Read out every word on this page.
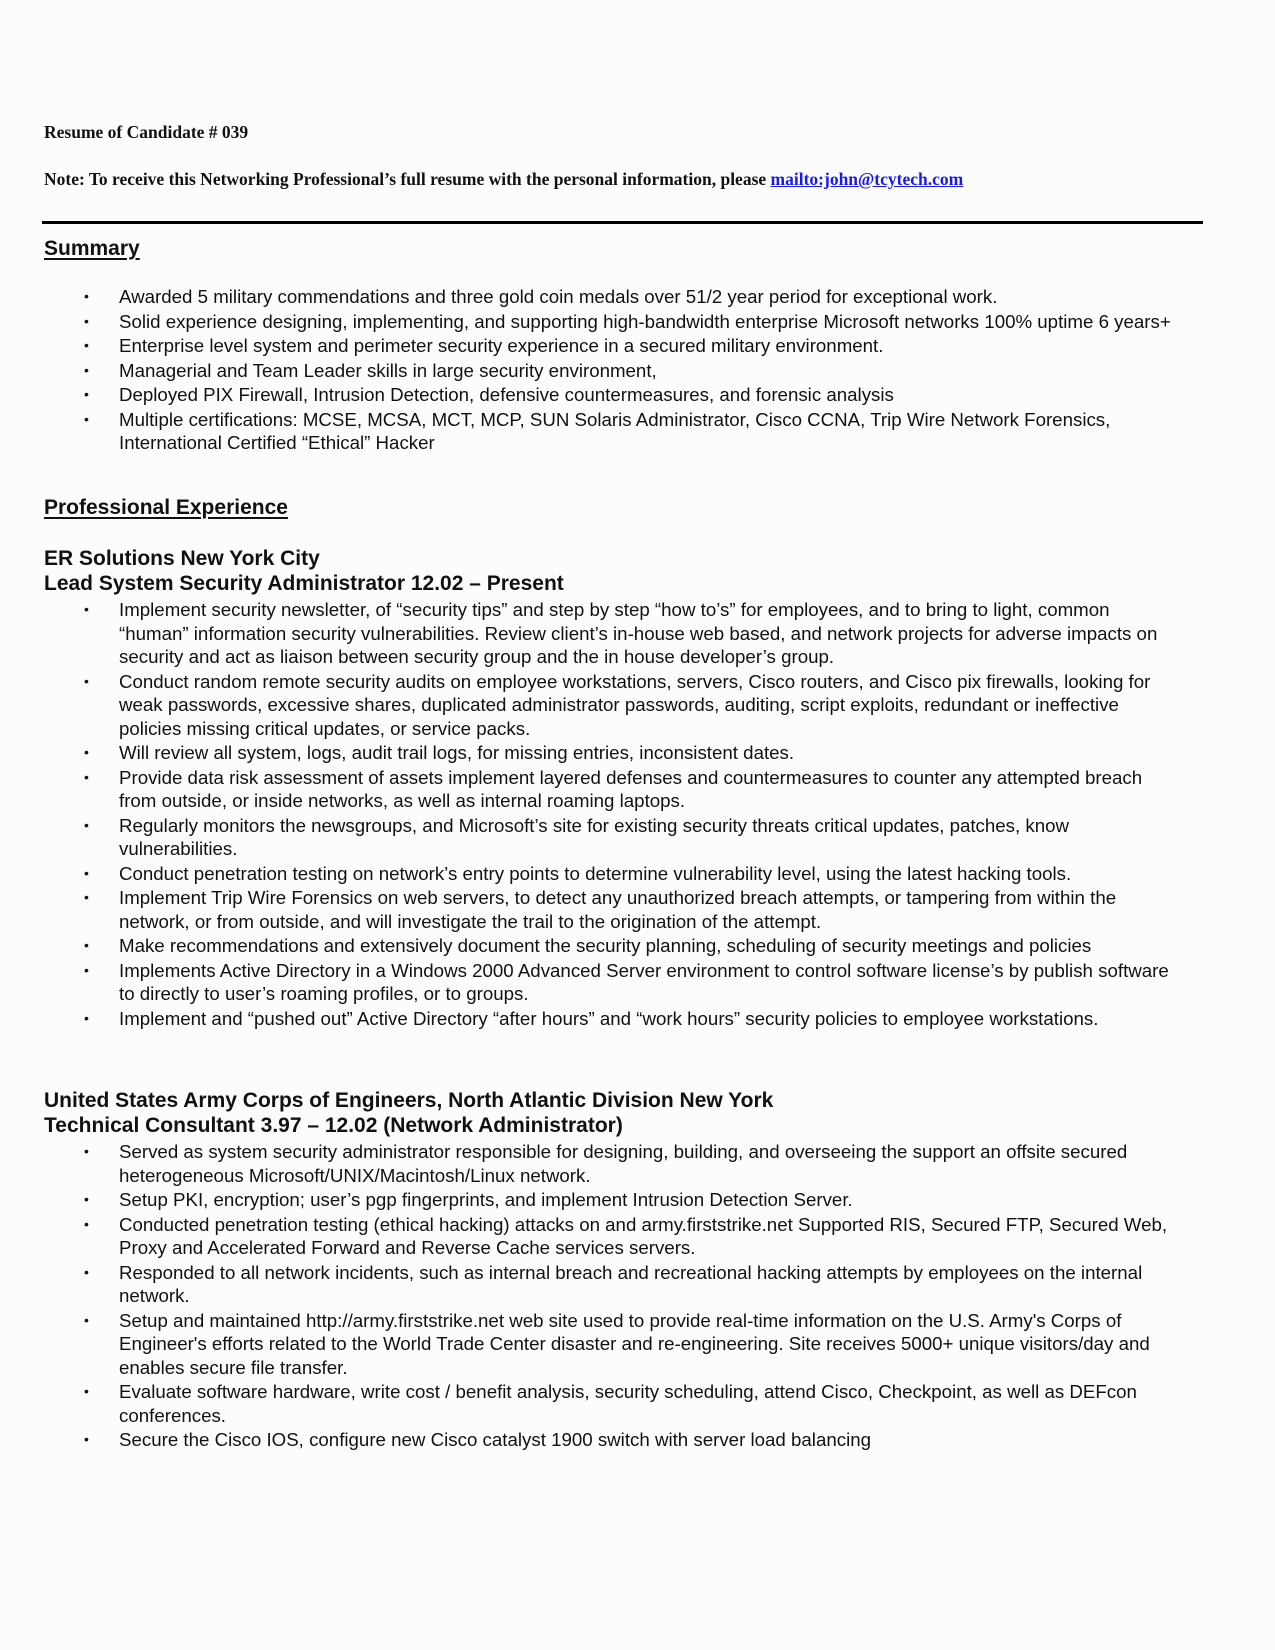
Resume of Candidate # 039
Note: To receive this Networking Professional’s full resume with the personal information, please mailto:john@tcytech.com
Summary
• Awarded 5 military commendations and three gold coin medals over 51/2 year period for exceptional work.
• Solid experience designing, implementing, and supporting high-bandwidth enterprise Microsoft networks 100% uptime 6 years+
• Enterprise level system and perimeter security experience in a secured military environment.
• Managerial and Team Leader skills in large security environment,
• Deployed PIX Firewall, Intrusion Detection, defensive countermeasures, and forensic analysis
• Multiple certifications: MCSE, MCSA, MCT, MCP, SUN Solaris Administrator, Cisco CCNA, Trip Wire Network Forensics, International Certified “Ethical” Hacker
Professional Experience
ER Solutions New York City
Lead System Security Administrator 12.02 – Present
• Implement security newsletter, of “security tips” and step by step “how to’s” for employees, and to bring to light, common “human” information security vulnerabilities. Review client’s in-house web based, and network projects for adverse impacts on security and act as liaison between security group and the in house developer’s group.
• Conduct random remote security audits on employee workstations, servers, Cisco routers, and Cisco pix firewalls, looking for weak passwords, excessive shares, duplicated administrator passwords, auditing, script exploits, redundant or ineffective policies missing critical updates, or service packs.
• Will review all system, logs, audit trail logs, for missing entries, inconsistent dates.
• Provide data risk assessment of assets implement layered defenses and countermeasures to counter any attempted breach from outside, or inside networks, as well as internal roaming laptops.
• Regularly monitors the newsgroups, and Microsoft’s site for existing security threats critical updates, patches, know vulnerabilities.
• Conduct penetration testing on network’s entry points to determine vulnerability level, using the latest hacking tools.
• Implement Trip Wire Forensics on web servers, to detect any unauthorized breach attempts, or tampering from within the network, or from outside, and will investigate the trail to the origination of the attempt.
• Make recommendations and extensively document the security planning, scheduling of security meetings and policies
• Implements Active Directory in a Windows 2000 Advanced Server environment to control software license’s by publish software to directly to user’s roaming profiles, or to groups.
• Implement and “pushed out” Active Directory “after hours” and “work hours” security policies to employee workstations.
United States Army Corps of Engineers, North Atlantic Division New York
Technical Consultant 3.97 – 12.02 (Network Administrator)
• Served as system security administrator responsible for designing, building, and overseeing the support an offsite secured heterogeneous Microsoft/UNIX/Macintosh/Linux network.
• Setup PKI, encryption; user’s pgp fingerprints, and implement Intrusion Detection Server.
• Conducted penetration testing (ethical hacking) attacks on and army.firststrike.net Supported RIS, Secured FTP, Secured Web, Proxy and Accelerated Forward and Reverse Cache services servers.
• Responded to all network incidents, such as internal breach and recreational hacking attempts by employees on the internal network.
• Setup and maintained http://army.firststrike.net web site used to provide real-time information on the U.S. Army's Corps of Engineer's efforts related to the World Trade Center disaster and re-engineering. Site receives 5000+ unique visitors/day and enables secure file transfer.
• Evaluate software hardware, write cost / benefit analysis, security scheduling, attend Cisco, Checkpoint, as well as DEFcon conferences.
• Secure the Cisco IOS, configure new Cisco catalyst 1900 switch with server load balancing
